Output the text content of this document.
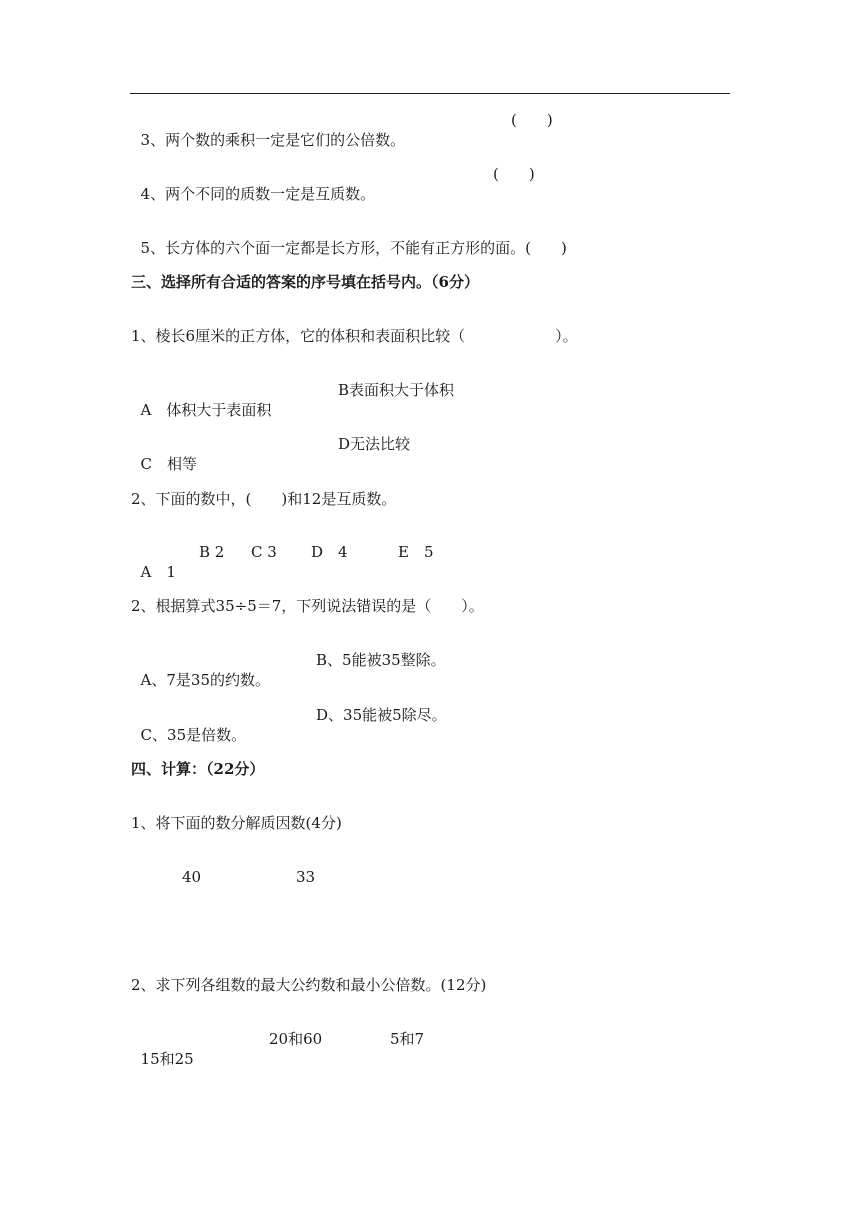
3、两个数的乘积一定是它们的公倍数。

(　　)

4、两个不同的质数一定是互质数。

(　　)

5、长方体的六个面一定都是长方形，不能有正方形的面。(　　)

三、选择所有合适的答案的序号填在括号内。（6分）
1、棱长6厘米的正方体，它的体积和表面积比较（　　　　　　）。

A　体积大于表面积

B表面积大于体积

C　相等

D无法比较

2、下面的数中，(　　)和12是互质数。

A　1

B 2

C 3

D　4

	E　5

2、根据算式35÷5＝7，下列说法错误的是（　　）。

A、7是35的约数。

B、5能被35整除。

C、35是倍数。

D、35能被5除尽。

四、计算：（22分）
1、将下面的数分解质因数(4分)

40

	33

2、求下列各组数的最大公约数和最小公倍数。(12分)

15和25

20和60

	5和7
